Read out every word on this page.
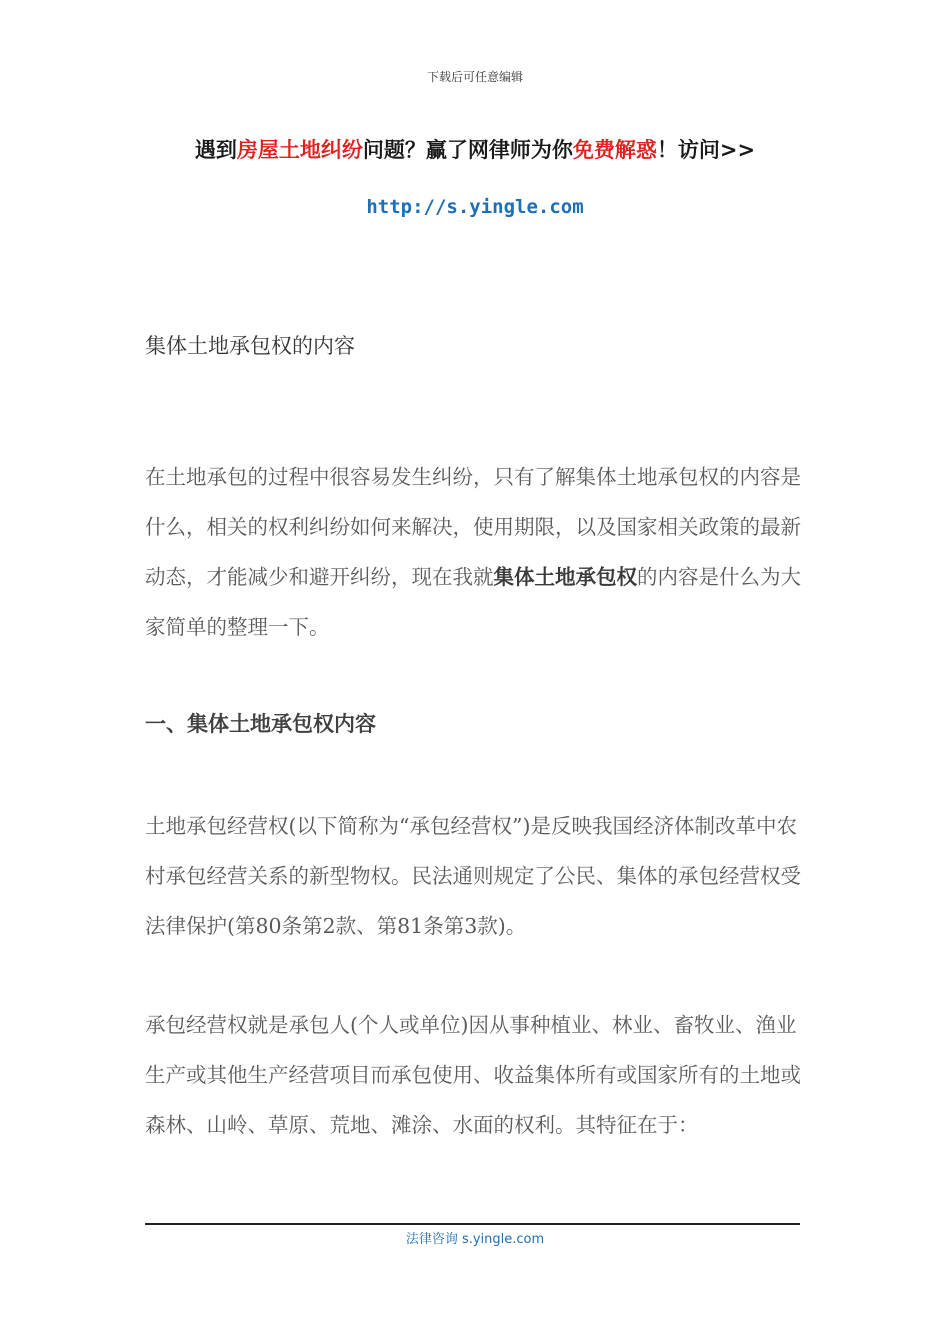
下载后可任意编辑
遇到房屋土地纠纷问题？赢了网律师为你免费解惑！访问>>
http://s.yingle.com
集体土地承包权的内容

在土地承包的过程中很容易发生纠纷，只有了解集体土地承包权的内容是什么，相关的权利纠纷如何来解决，使用期限，以及国家相关政策的最新动态，才能减少和避开纠纷，现在我就集体土地承包权的内容是什么为大家简单的整理一下。

一、集体土地承包权内容

土地承包经营权(以下简称为“承包经营权”)是反映我国经济体制改革中农村承包经营关系的新型物权。民法通则规定了公民、集体的承包经营权受法律保护(第80条第2款、第81条第3款)。

承包经营权就是承包人(个人或单位)因从事种植业、林业、畜牧业、渔业生产或其他生产经营项目而承包使用、收益集体所有或国家所有的土地或森林、山岭、草原、荒地、滩涂、水面的权利。其特征在于：

法律咨询 s.yingle.com
